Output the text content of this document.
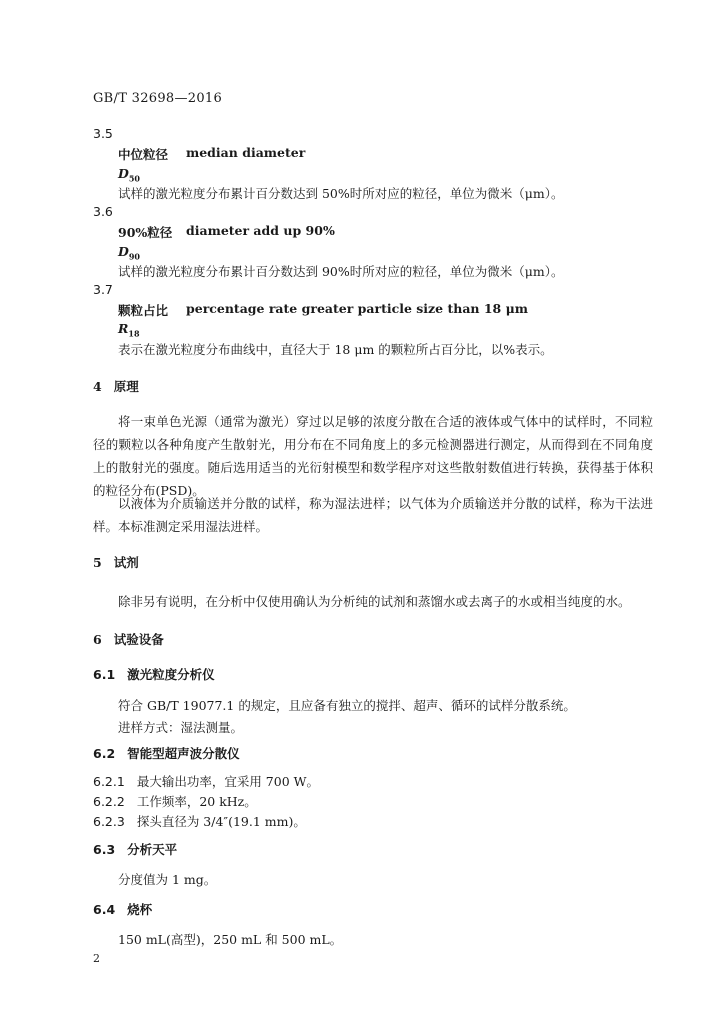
GB/T 32698—2016
3.5
中位粒径 median diameter
$D_{50}$
试样的激光粒度分布累计百分数达到 50%时所对应的粒径，单位为微米（μm）。
3.6
90%粒径 diameter add up 90%
$D_{90}$
试样的激光粒度分布累计百分数达到 90%时所对应的粒径，单位为微米（μm）。
3.7
颗粒占比 percentage rate greater particle size than 18 μm
$R_{18}$
表示在激光粒度分布曲线中，直径大于 18 μm 的颗粒所占百分比，以%表示。
4 原理
将一束单色光源（通常为激光）穿过以足够的浓度分散在合适的液体或气体中的试样时，不同粒径的颗粒以各种角度产生散射光，用分布在不同角度上的多元检测器进行测定，从而得到在不同角度上的散射光的强度。随后选用适当的光衍射模型和数学程序对这些散射数值进行转换，获得基于体积的粒径分布(PSD)。
以液体为介质输送并分散的试样，称为湿法进样；以气体为介质输送并分散的试样，称为干法进样。本标准测定采用湿法进样。
5 试剂
除非另有说明，在分析中仅使用确认为分析纯的试剂和蒸馏水或去离子的水或相当纯度的水。
6 试验设备
6.1 激光粒度分析仪
符合 GB/T 19077.1 的规定，且应备有独立的搅拌、超声、循环的试样分散系统。
进样方式：湿法测量。
6.2 智能型超声波分散仪
6.2.1 最大输出功率，宜采用 700 W。
6.2.2 工作频率，20 kHz。
6.2.3 探头直径为 3/4″(19.1 mm)。
6.3 分析天平
分度值为 1 mg。
6.4 烧杯
150 mL(高型)，250 mL 和 500 mL。
2
